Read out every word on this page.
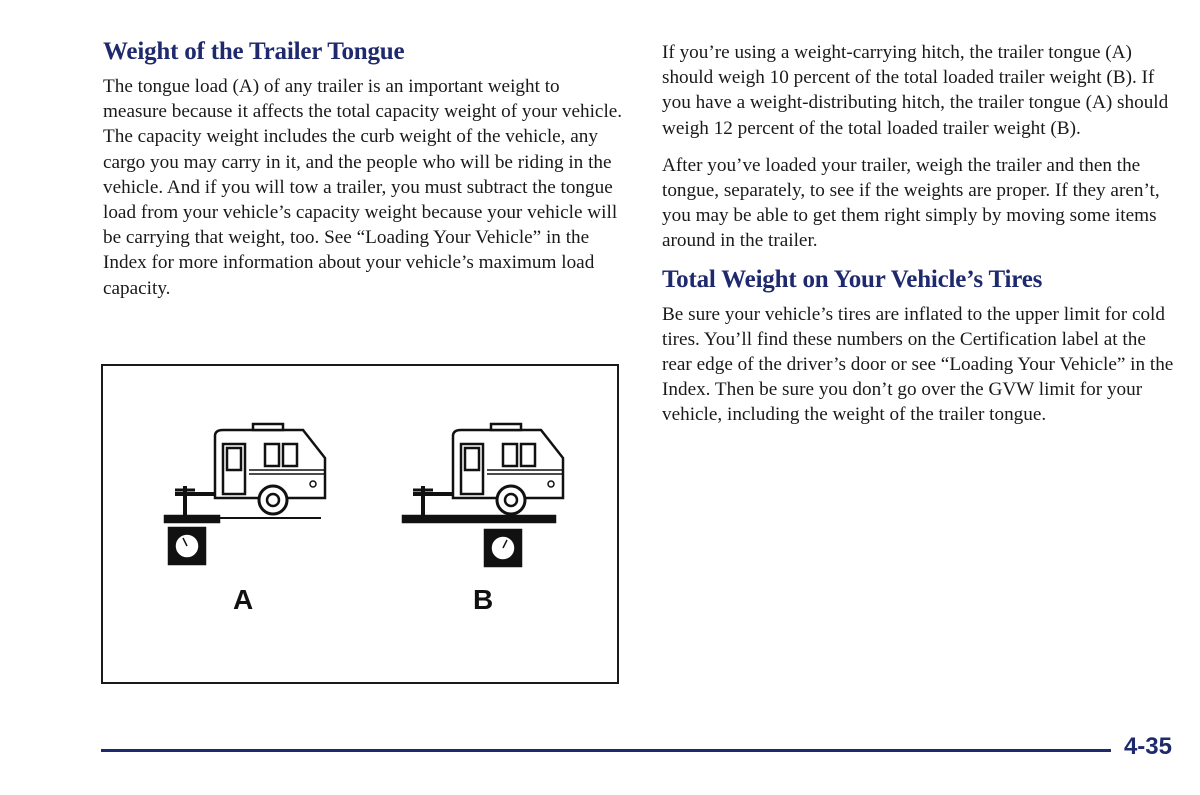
Weight of the Trailer Tongue

The tongue load (A) of any trailer is an important weight to measure because it affects the total capacity weight of your vehicle. The capacity weight includes the curb weight of the vehicle, any cargo you may carry in it, and the people who will be riding in the vehicle. And if you will tow a trailer, you must subtract the tongue load from your vehicle’s capacity weight because your vehicle will be carrying that weight, too. See “Loading Your Vehicle” in the Index for more information about your vehicle’s maximum load capacity.

A	B

If you’re using a weight-carrying hitch, the trailer tongue (A) should weigh 10 percent of the total loaded trailer weight (B). If you have a weight-distributing hitch, the trailer tongue (A) should weigh 12 percent of the total loaded trailer weight (B).

After you’ve loaded your trailer, weigh the trailer and then the tongue, separately, to see if the weights are proper. If they aren’t, you may be able to get them right simply by moving some items around in the trailer.

Total Weight on Your Vehicle’s Tires

Be sure your vehicle’s tires are inflated to the upper limit for cold tires. You’ll find these numbers on the Certification label at the rear edge of the driver’s door or see “Loading Your Vehicle” in the Index. Then be sure you don’t go over the GVW limit for your vehicle, including the weight of the trailer tongue.

4-35
